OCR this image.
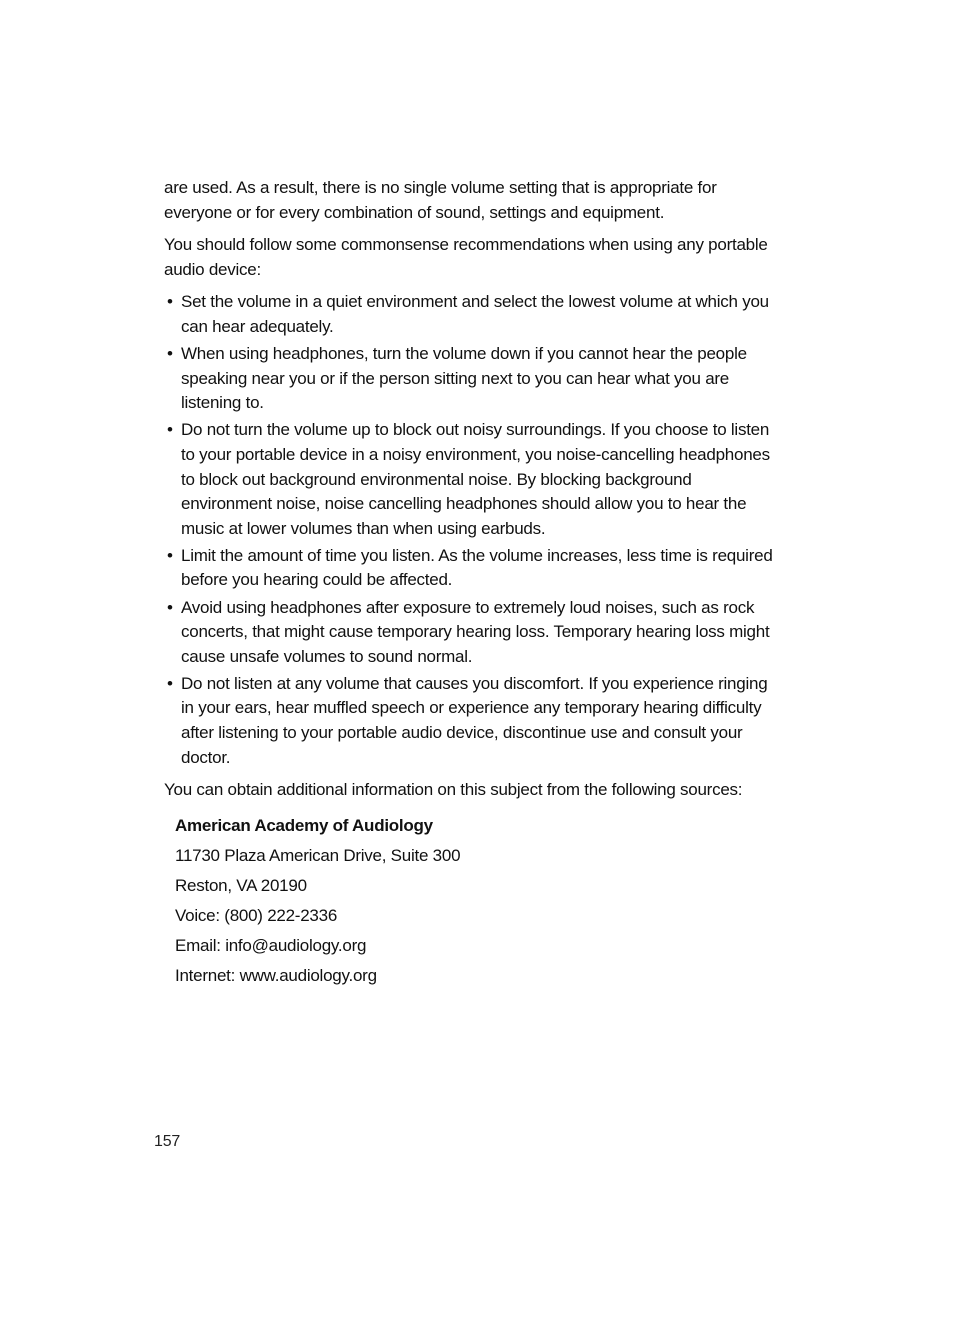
are used. As a result, there is no single volume setting that is appropriate for everyone or for every combination of sound, settings and equipment.

You should follow some commonsense recommendations when using any portable audio device:

• Set the volume in a quiet environment and select the lowest volume at which you can hear adequately.
• When using headphones, turn the volume down if you cannot hear the people speaking near you or if the person sitting next to you can hear what you are listening to.
• Do not turn the volume up to block out noisy surroundings. If you choose to listen to your portable device in a noisy environment, you noise-cancelling headphones to block out background environmental noise. By blocking background environment noise, noise cancelling headphones should allow you to hear the music at lower volumes than when using earbuds.
• Limit the amount of time you listen. As the volume increases, less time is required before you hearing could be affected.
• Avoid using headphones after exposure to extremely loud noises, such as rock concerts, that might cause temporary hearing loss. Temporary hearing loss might cause unsafe volumes to sound normal.
• Do not listen at any volume that causes you discomfort. If you experience ringing in your ears, hear muffled speech or experience any temporary hearing difficulty after listening to your portable audio device, discontinue use and consult your doctor.

You can obtain additional information on this subject from the following sources:

American Academy of Audiology

11730 Plaza American Drive, Suite 300

Reston, VA 20190

Voice: (800) 222-2336

Email: info@audiology.org

Internet: www.audiology.org

157
